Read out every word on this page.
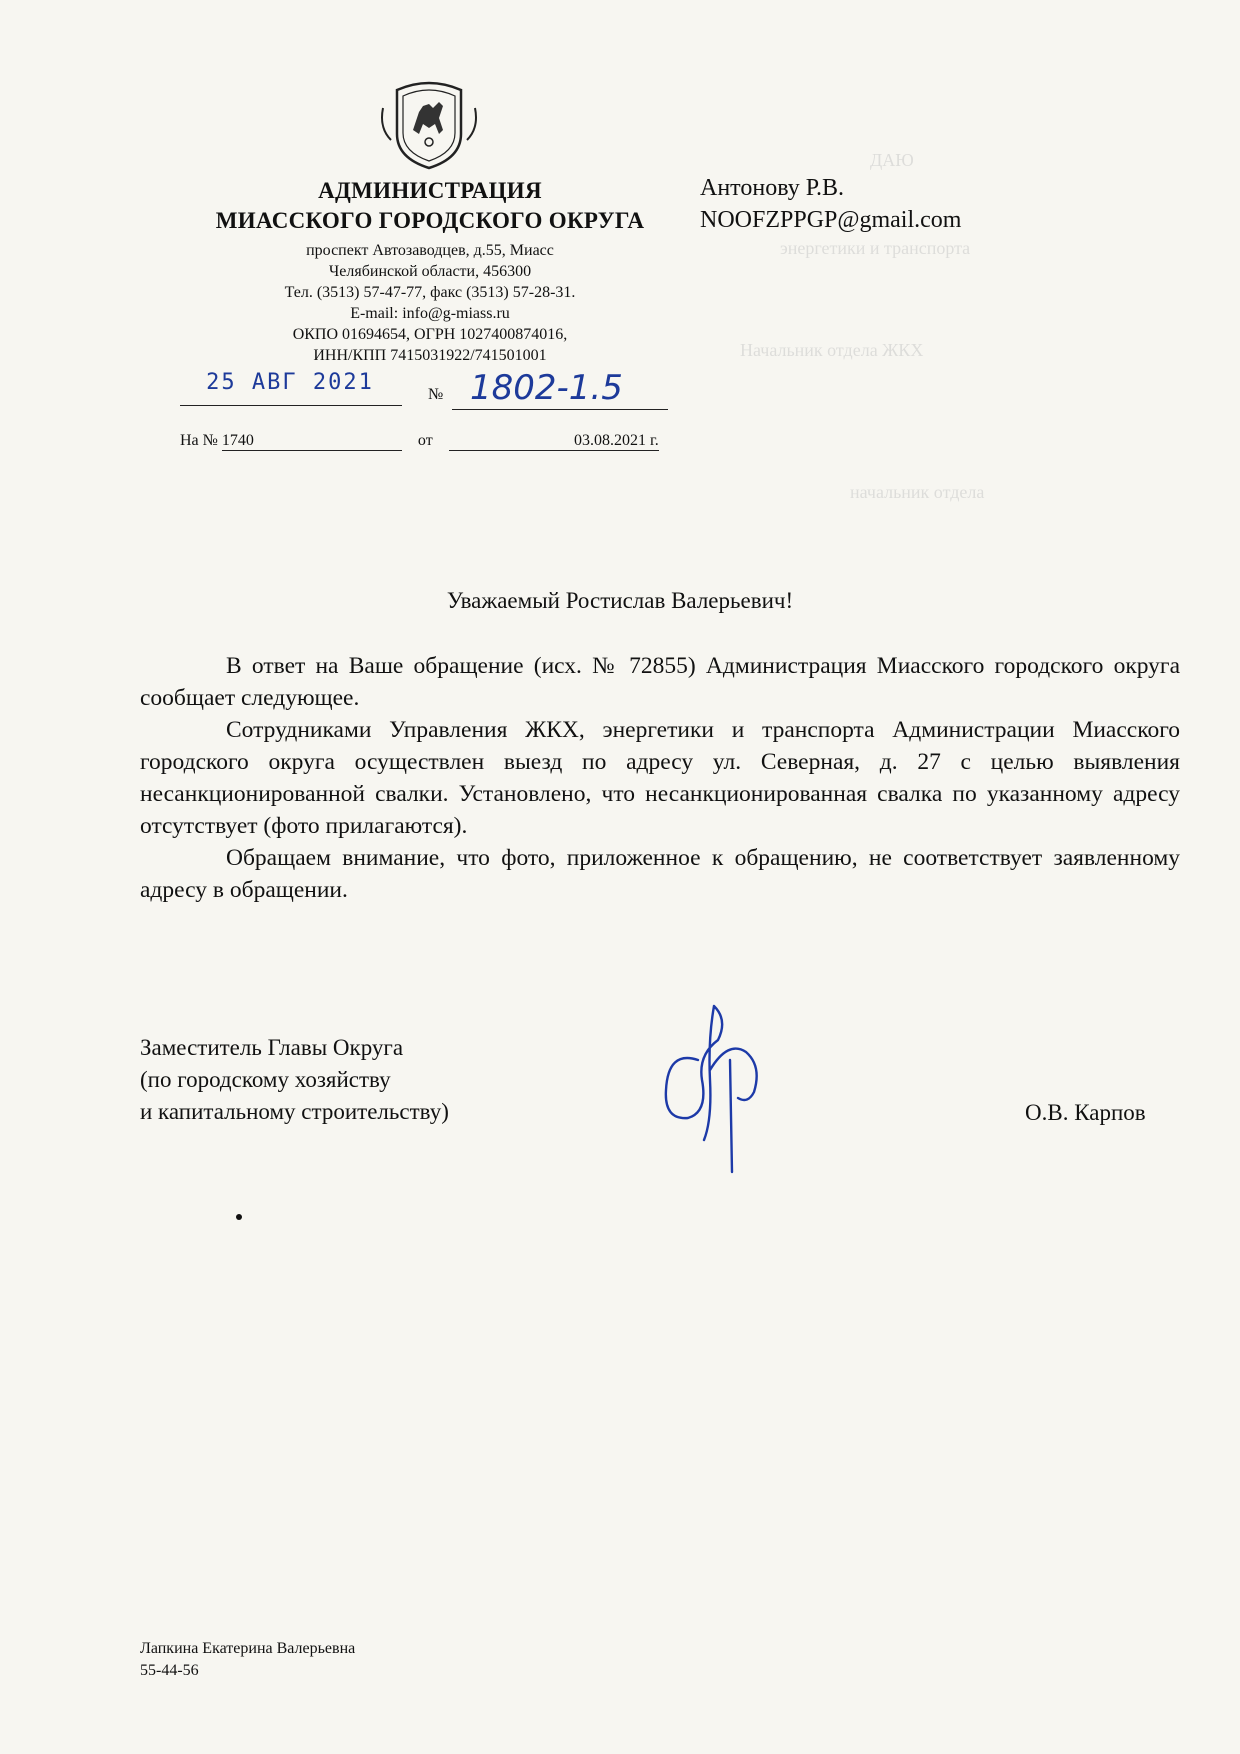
ДАЮ
энергетики и транспорта
Начальник отдела ЖКХ
начальник отдела
АДМИНИСТРАЦИЯ
МИАССКОГО ГОРОДСКОГО ОКРУГА
проспект Автозаводцев, д.55, Миасс
Челябинской области, 456300
Тел. (3513) 57-47-77, факс (3513) 57-28-31.
E-mail: info@g-miass.ru
ОКПО 01694654, ОГРН 1027400874016,
ИНН/КПП 7415031922/741501001
Антонову Р.В.
NOOFZPPGP@gmail.com
25 АВГ 2021	№ 1802-1.5
На № 1740	от	03.08.2021 г.
Уважаемый Ростислав Валерьевич!

В ответ на Ваше обращение (исх. № 72855) Администрация Миасского городского округа сообщает следующее.

Сотрудниками Управления ЖКХ, энергетики и транспорта Администрации Миасского городского округа осуществлен выезд по адресу ул. Северная, д. 27 с целью выявления несанкционированной свалки. Установлено, что несанкционированная свалка по указанному адресу отсутствует (фото прилагаются).

Обращаем внимание, что фото, приложенное к обращению, не соответствует заявленному адресу в обращении.

Заместитель Главы Округа
(по городскому хозяйству
и капитальному строительству)	О.В. Карпов
Лапкина Екатерина Валерьевна
55-44-56
